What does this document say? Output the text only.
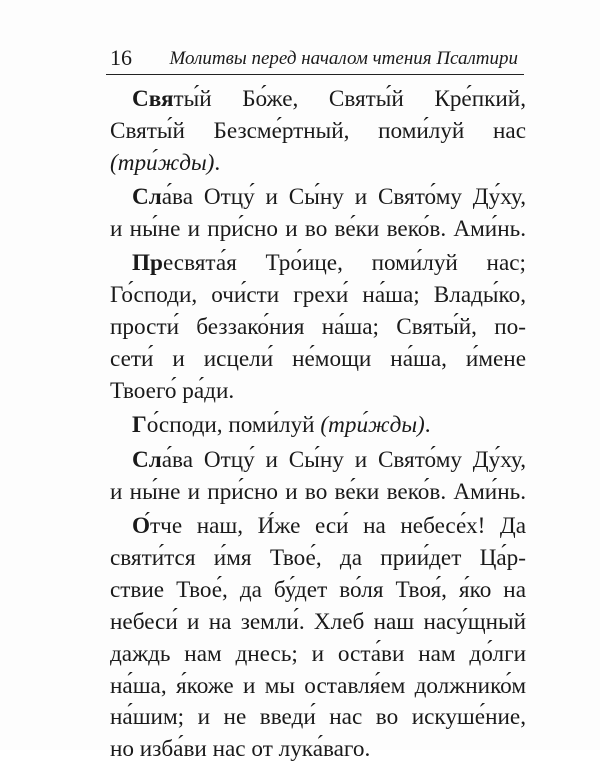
16 Молитвы перед началом чтения Псалтири
Святы́й Бо́же, Святы́й Кре́пкий,
Святы́й Безсме́ртный, поми́луй нас
(три́жды).
Сла́ва Отцу́ и Сы́ну и Свято́му Ду́ху,
и ны́не и при́сно и во ве́ки веко́в. Ами́нь.
Пресвята́я Тро́ице, поми́луй нас;
Го́споди, очи́сти грехи́ на́ша; Влады́ко,
прости́ беззако́ния на́ша; Святы́й, по-
сети́ и исцели́ не́мощи на́ша, и́мене
Твоего́ ра́ди.
Го́споди, поми́луй (три́жды).
Сла́ва Отцу́ и Сы́ну и Свято́му Ду́ху,
и ны́не и при́сно и во ве́ки веко́в. Ами́нь.
О́тче наш, И́же еси́ на небесе́х! Да
святи́тся и́мя Твое́, да прии́дет Ца́р-
ствие Твое́, да бу́дет во́ля Твоя́, я́ко на
небеси́ и на земли́. Хлеб наш насу́щный
даждь нам днесь; и оста́ви нам до́лги
на́ша, я́коже и мы оставля́ем должнико́м
на́шим; и не введи́ нас во искуше́ние,
но изба́ви нас от лука́ваго.
